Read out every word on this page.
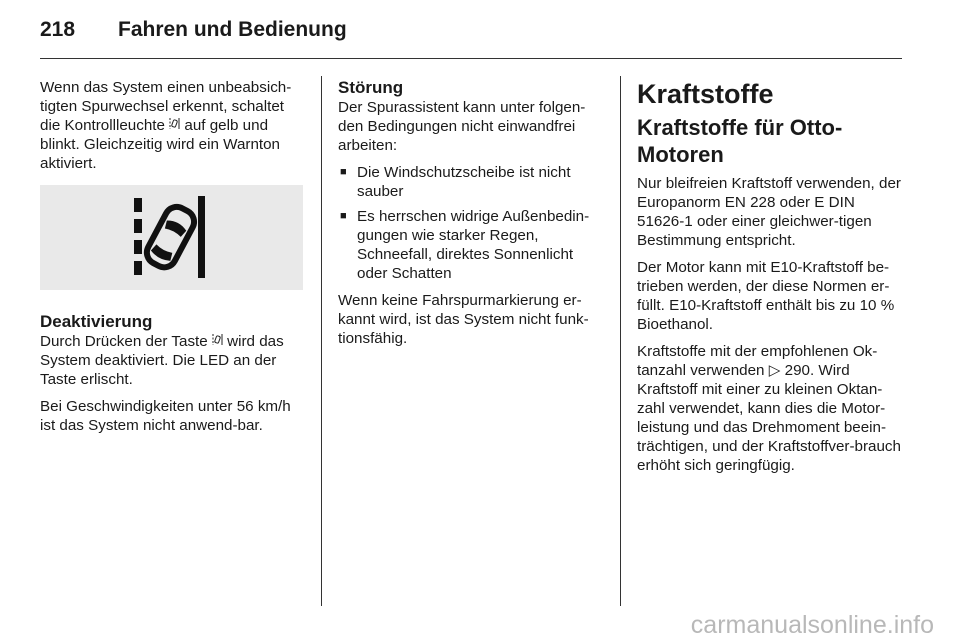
218 Fahren und Bedienung

Wenn das System einen unbeabsich-tigten Spurwechsel erkennt, schaltet die Kontrollleuchte  auf gelb und blinkt. Gleichzeitig wird ein Warnton aktiviert.

Deaktivierung

Durch Drücken der Taste  wird das System deaktiviert. Die LED an der Taste erlischt.

Bei Geschwindigkeiten unter 56 km/h ist das System nicht anwend-bar.

Störung

Der Spurassistent kann unter folgen-den Bedingungen nicht einwandfrei arbeiten:

■ Die Windschutzscheibe ist nicht sauber
■ Es herrschen widrige Außenbedin-gungen wie starker Regen, Schneefall, direktes Sonnenlicht oder Schatten

Wenn keine Fahrspurmarkierung er-kannt wird, ist das System nicht funk-tionsfähig.

Kraftstoffe
Kraftstoffe für Otto-Motoren

Nur bleifreien Kraftstoff verwenden, der Europanorm EN 228 oder E DIN 51626-1 oder einer gleichwer-tigen Bestimmung entspricht.

Der Motor kann mit E10-Kraftstoff be-trieben werden, der diese Normen er-füllt. E10-Kraftstoff enthält bis zu 10 % Bioethanol.

Kraftstoffe mit der empfohlenen Ok-tanzahl verwenden ▷ 290. Wird Kraftstoff mit einer zu kleinen Oktan-zahl verwendet, kann dies die Motor-leistung und das Drehmoment beein-trächtigen, und der Kraftstoffver-brauch erhöht sich geringfügig.

carmanualsonline.info
